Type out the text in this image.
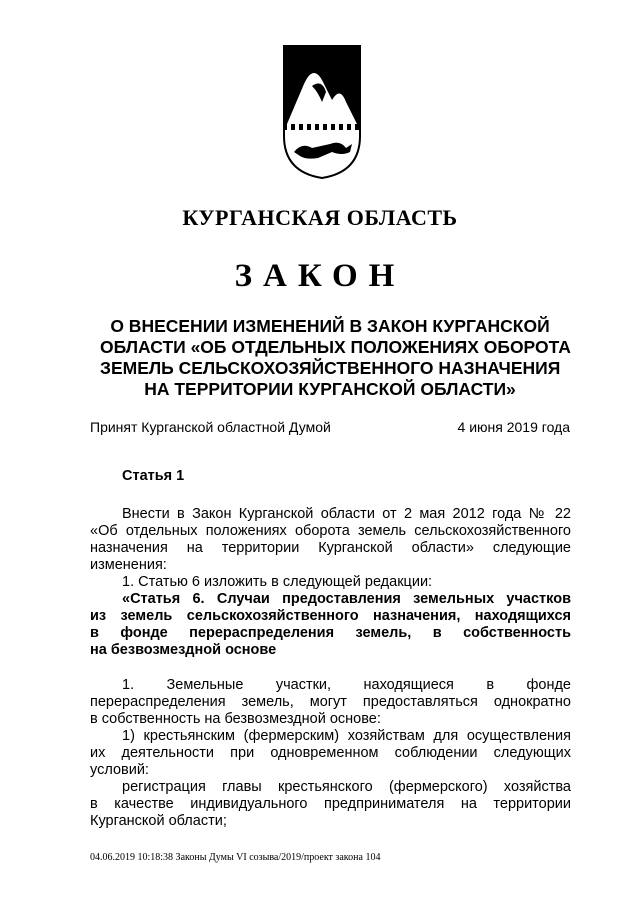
КУРГАНСКАЯ ОБЛАСТЬ
ЗАКОН
О ВНЕСЕНИИ ИЗМЕНЕНИЙ В ЗАКОН КУРГАНСКОЙ
ОБЛАСТИ «ОБ ОТДЕЛЬНЫХ ПОЛОЖЕНИЯХ ОБОРОТА
ЗЕМЕЛЬ СЕЛЬСКОХОЗЯЙСТВЕННОГО НАЗНАЧЕНИЯ
НА ТЕРРИТОРИИ КУРГАНСКОЙ ОБЛАСТИ»
Принят Курганской областной Думой	4 июня 2019 года
Статья 1
Внести в Закон Курганской области от 2 мая 2012 года № 22
«Об отдельных положениях оборота земель сельскохозяйственного
назначения на территории Курганской области» следующие
изменения:
1. Статью 6 изложить в следующей редакции:
«Статья 6. Случаи предоставления земельных участков
из земель сельскохозяйственного назначения, находящихся
в фонде перераспределения земель, в собственность
на безвозмездной основе
1. Земельные участки, находящиеся в фонде
перераспределения земель, могут предоставляться однократно
в собственность на безвозмездной основе:
1) крестьянским (фермерским) хозяйствам для осуществления
их деятельности при одновременном соблюдении следующих
условий:
регистрация главы крестьянского (фермерского) хозяйства
в качестве индивидуального предпринимателя на территории
Курганской области;
04.06.2019 10:18:38 Законы Думы VI созыва/2019/проект закона 104
